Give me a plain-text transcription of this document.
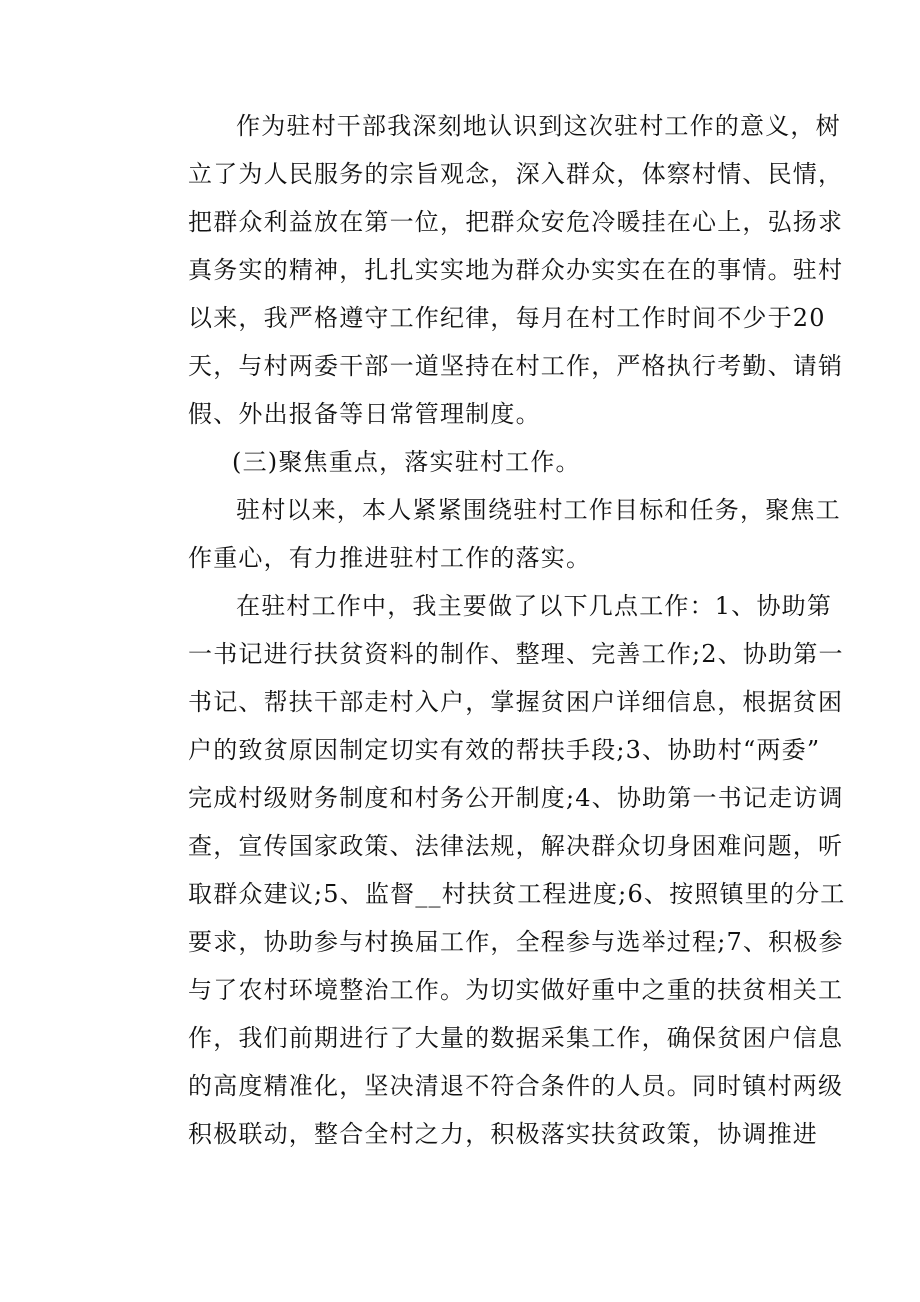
作为驻村干部我深刻地认识到这次驻村工作的意义，树
立了为人民服务的宗旨观念，深入群众，体察村情、民情，
把群众利益放在第一位，把群众安危冷暖挂在心上，弘扬求
真务实的精神，扎扎实实地为群众办实实在在的事情。驻村
以来，我严格遵守工作纪律，每月在村工作时间不少于20
天，与村两委干部一道坚持在村工作，严格执行考勤、请销
假、外出报备等日常管理制度。
(三)聚焦重点，落实驻村工作。
驻村以来，本人紧紧围绕驻村工作目标和任务，聚焦工
作重心，有力推进驻村工作的落实。
在驻村工作中，我主要做了以下几点工作：1、协助第
一书记进行扶贫资料的制作、整理、完善工作;2、协助第一
书记、帮扶干部走村入户，掌握贫困户详细信息，根据贫困
户的致贫原因制定切实有效的帮扶手段;3、协助村“两委”
完成村级财务制度和村务公开制度;4、协助第一书记走访调
查，宣传国家政策、法律法规，解决群众切身困难问题，听
取群众建议;5、监督__村扶贫工程进度;6、按照镇里的分工
要求，协助参与村换届工作，全程参与选举过程;7、积极参
与了农村环境整治工作。为切实做好重中之重的扶贫相关工
作，我们前期进行了大量的数据采集工作，确保贫困户信息
的高度精准化，坚决清退不符合条件的人员。同时镇村两级
积极联动，整合全村之力，积极落实扶贫政策，协调推进
